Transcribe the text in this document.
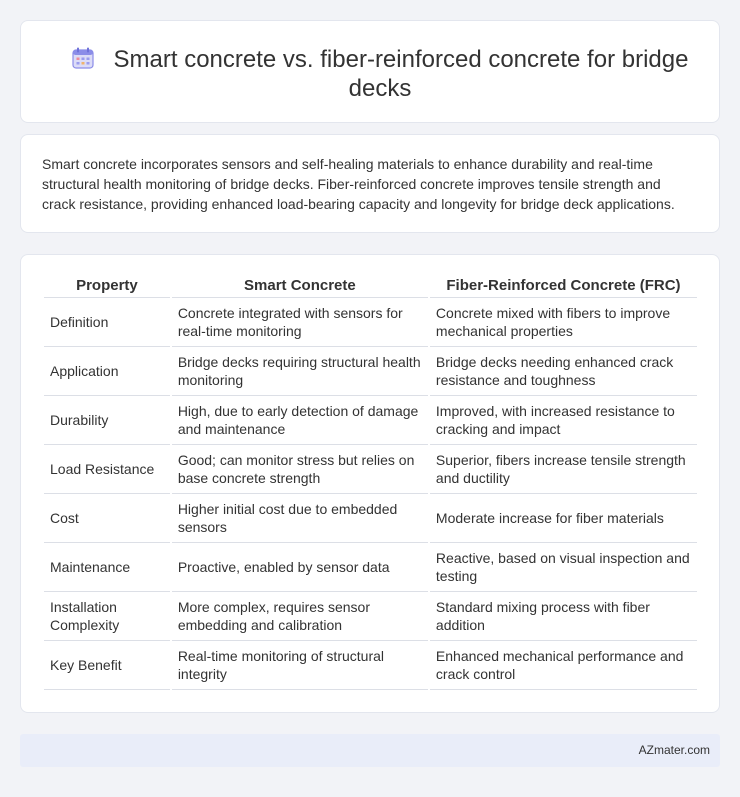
Smart concrete vs. fiber-reinforced concrete for bridge decks

Smart concrete incorporates sensors and self-healing materials to enhance durability and real-time structural health monitoring of bridge decks. Fiber-reinforced concrete improves tensile strength and crack resistance, providing enhanced load-bearing capacity and longevity for bridge deck applications.

Property	Smart Concrete	Fiber-Reinforced Concrete (FRC)
Definition	Concrete integrated with sensors for real-time monitoring	Concrete mixed with fibers to improve mechanical properties
Application	Bridge decks requiring structural health monitoring	Bridge decks needing enhanced crack resistance and toughness
Durability	High, due to early detection of damage and maintenance	Improved, with increased resistance to cracking and impact
Load Resistance	Good; can monitor stress but relies on base concrete strength	Superior, fibers increase tensile strength and ductility
Cost	Higher initial cost due to embedded sensors	Moderate increase for fiber materials
Maintenance	Proactive, enabled by sensor data	Reactive, based on visual inspection and testing
Installation Complexity	More complex, requires sensor embedding and calibration	Standard mixing process with fiber addition
Key Benefit	Real-time monitoring of structural integrity	Enhanced mechanical performance and crack control
AZmater.com
